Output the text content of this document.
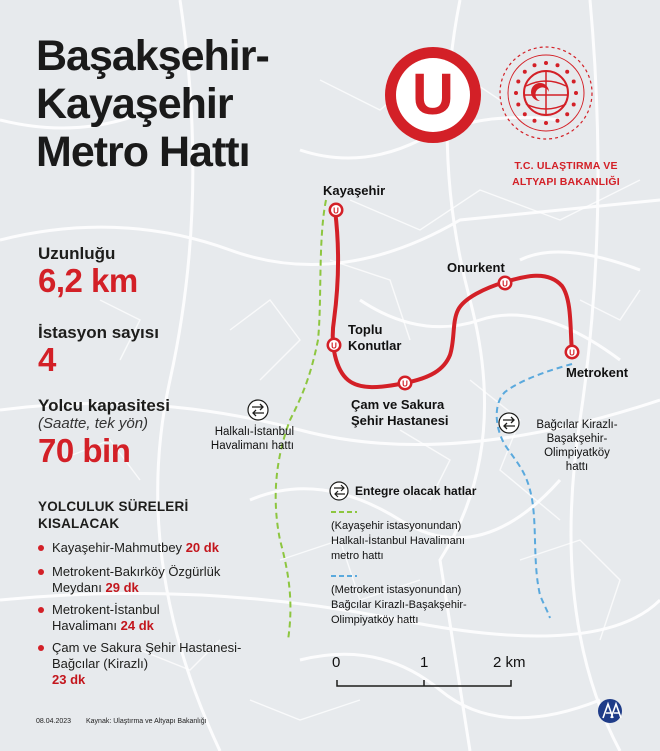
U
U
U
U
U
Başakşehir-
Kayaşehir
Metro Hattı
U
T.C. ULAŞTIRMA VE
ALTYAPI BAKANLIĞI
Uzunluğu
6,2 km
İstasyon sayısı
4
Yolcu kapasitesi
(Saatte, tek yön)
70 bin
YOLCULUK SÜRELERİ
KISALACAK
Kayaşehir-Mahmutbey 20 dk
Metrokent-Bakırköy Özgürlük Meydanı 29 dk
Metrokent-İstanbul Havalimanı 24 dk
Çam ve Sakura Şehir Hastanesi-Bağcılar (Kirazlı)
23 dk
Kayaşehir
Toplu
Konutlar
Çam ve Sakura
Şehir Hastanesi
Onurkent
Metrokent
Halkalı-İstanbul
Havalimanı hattı
Bağcılar Kirazlı-
Başakşehir-
Olimpiyatköy
hattı
Entegre olacak hatlar
(Kayaşehir istasyonundan)
Halkalı-İstanbul Havalimanı
metro hattı
(Metrokent istasyonundan)
Bağcılar Kirazlı-Başakşehir-
Olimpiyatköy hattı
0	1	2 km
08.04.2023 Kaynak: Ulaştırma ve Altyapı Bakanlığı
